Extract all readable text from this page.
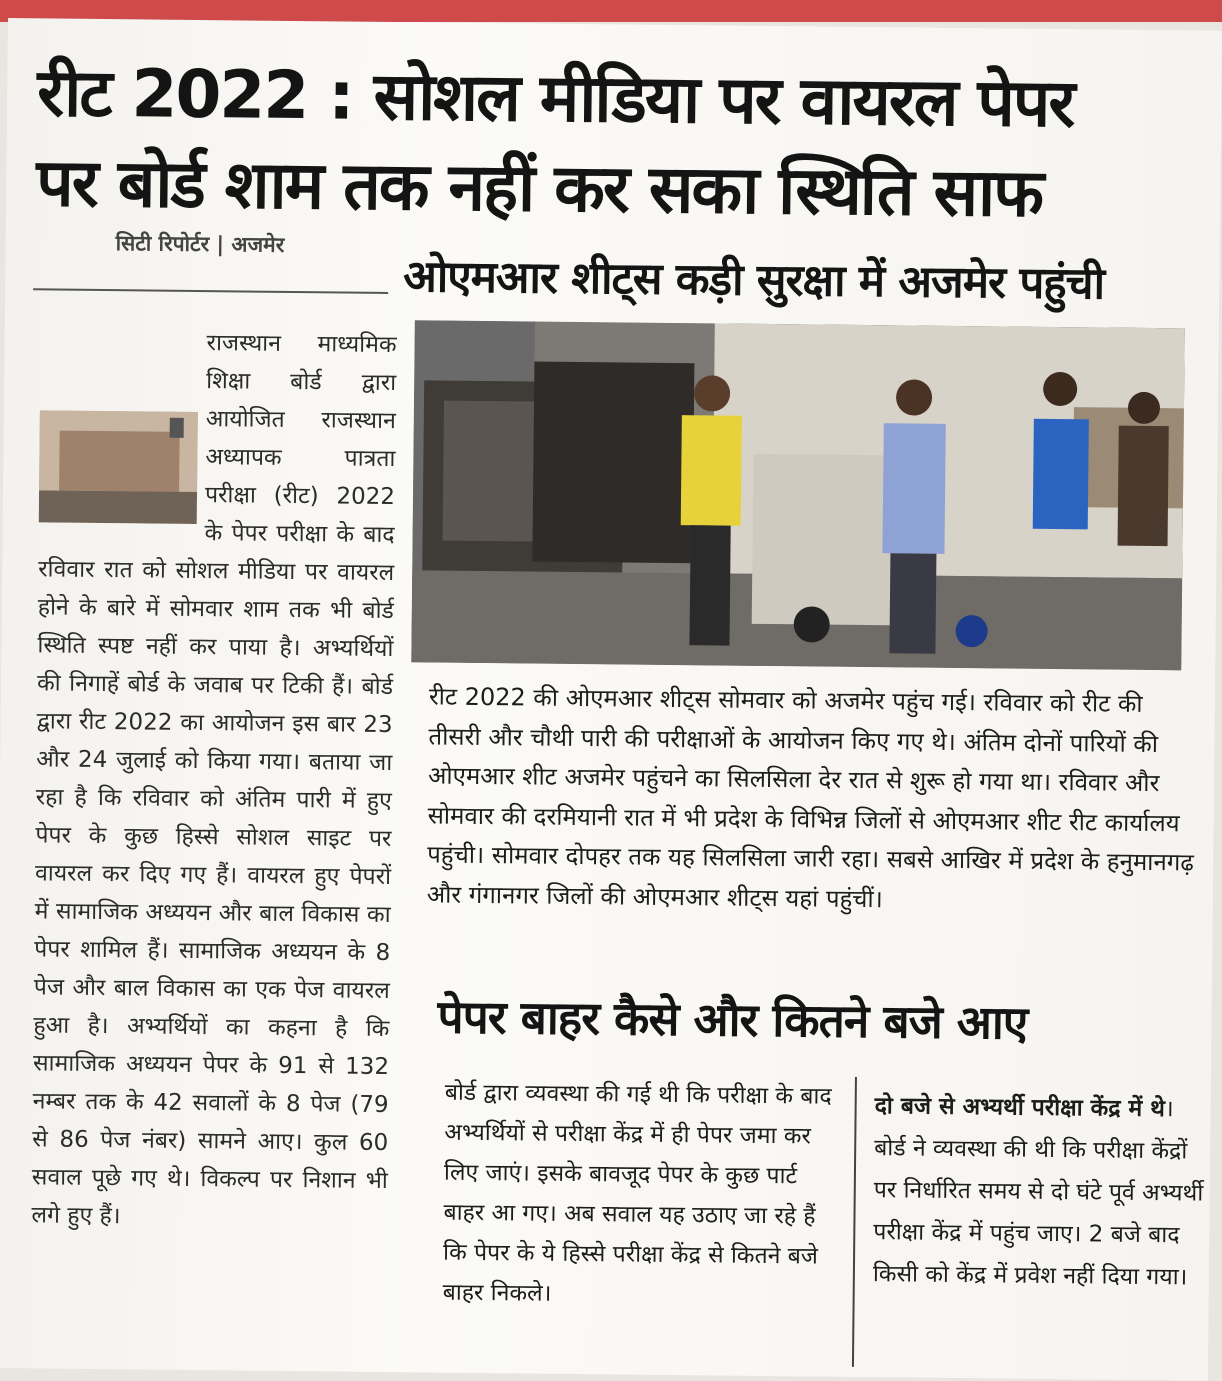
रीट 2022 : सोशल मीडिया पर वायरल पेपर
पर बोर्ड शाम तक नहीं कर सका स्थिति साफ
सिटी रिपोर्टर | अजमेर
ओएमआर शीट्स कड़ी सुरक्षा में अजमेर पहुंची
राजस्थान माध्यमिक शिक्षा बोर्ड द्वारा आयोजित राजस्थान अध्यापक पात्रता परीक्षा (रीट) 2022 के पेपर परीक्षा के बाद रविवार रात को सोशल मीडिया पर वायरल होने के बारे में सोमवार शाम तक भी बोर्ड स्थिति स्पष्ट नहीं कर पाया है। अभ्यर्थियों की निगाहें बोर्ड के जवाब पर टिकी हैं। बोर्ड द्वारा रीट 2022 का आयोजन इस बार 23 और 24 जुलाई को किया गया। बताया जा रहा है कि रविवार को अंतिम पारी में हुए पेपर के कुछ हिस्से सोशल साइट पर वायरल कर दिए गए हैं। वायरल हुए पेपरों में सामाजिक अध्ययन और बाल विकास का पेपर शामिल हैं। सामाजिक अध्ययन के 8 पेज और बाल विकास का एक पेज वायरल हुआ है। अभ्यर्थियों का कहना है कि सामाजिक अध्ययन पेपर के 91 से 132 नम्बर तक के 42 सवालों के 8 पेज (79 से 86 पेज नंबर) सामने आए। कुल 60 सवाल पूछे गए थे। विकल्प पर निशान भी लगे हुए हैं।
रीट 2022 की ओएमआर शीट्स सोमवार को अजमेर पहुंच गई। रविवार को रीट की तीसरी और चौथी पारी की परीक्षाओं के आयोजन किए गए थे। अंतिम दोनों पारियों की ओएमआर शीट अजमेर पहुंचने का सिलसिला देर रात से शुरू हो गया था। रविवार और सोमवार की दरमियानी रात में भी प्रदेश के विभिन्न जिलों से ओएमआर शीट रीट कार्यालय पहुंची। सोमवार दोपहर तक यह सिलसिला जारी रहा। सबसे आखिर में प्रदेश के हनुमानगढ़ और गंगानगर जिलों की ओएमआर शीट्स यहां पहुंचीं।
पेपर बाहर कैसे और कितने बजे आए
बोर्ड द्वारा व्यवस्था की गई थी कि परीक्षा के बाद अभ्यर्थियों से परीक्षा केंद्र में ही पेपर जमा कर लिए जाएं। इसके बावजूद पेपर के कुछ पार्ट बाहर आ गए। अब सवाल यह उठाए जा रहे हैं कि पेपर के ये हिस्से परीक्षा केंद्र से कितने बजे बाहर निकले।
दो बजे से अभ्यर्थी परीक्षा केंद्र में थे। बोर्ड ने व्यवस्था की थी कि परीक्षा केंद्रों पर निर्धारित समय से दो घंटे पूर्व अभ्यर्थी परीक्षा केंद्र में पहुंच जाए। 2 बजे बाद किसी को केंद्र में प्रवेश नहीं दिया गया।
